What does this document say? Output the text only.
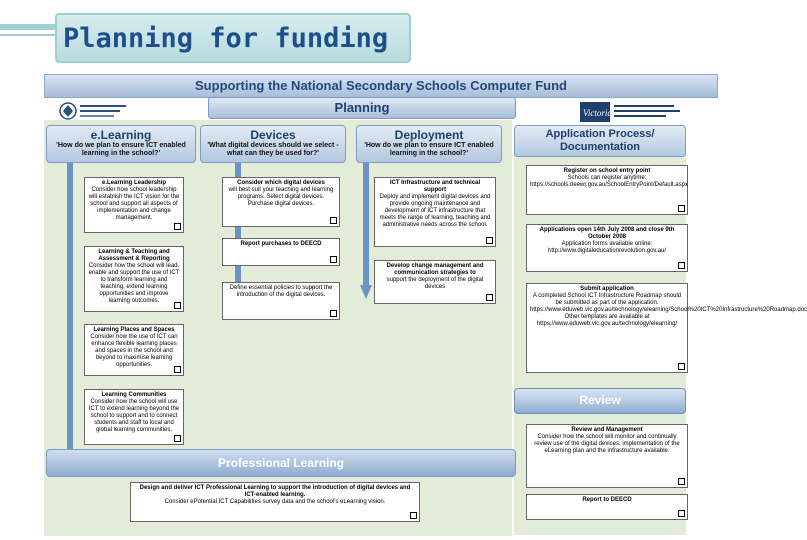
Planning for funding
Supporting the National Secondary Schools Computer Fund
Victoria
Planning
e.Learning
'How do we plan to ensure ICT enabled learning in the school?'
Devices
'What digital devices should we select - what can they be used for?'
Deployment
'How do we plan to ensure ICT enabled learning in the school?'
Application Process/ Documentation
e.Learning Leadership
Consider how school leadership will establish the ICT vision for the school and support all aspects of implementation and change management.
Learning & Teaching and Assessment & Reporting
Consider how the school will lead, enable and support the use of ICT to transform learning and teaching, extend learning opportunities and improve learning outcomes.
Learning Places and Spaces
Consider how the use of ICT can enhance flexible learning places and spaces in the school and beyond to maximise learning opportunities.
Learning Communities
Consider how the school will use ICT to extend learning beyond the school to support and to connect students and staff to local and global learning communities.
Consider which digital devices
will best suit your teaching and learning programs. Select digital devices. Purchase digital devices.
Report purchases to DEECD
Define essential policies to support the introduction of the digital devices.
ICT Infrastructure and technical support
Deploy and implement digital devices and provide ongoing maintenance and development of ICT infrastructure that meets the range of learning, teaching and administrative needs across the school.
Develop change management and communication strategies to
support the deployment of the digital devices
Register on school entry point
Schools can register anytime: https://schools.deewr.gov.au/SchoolEntryPoint/Default.aspx
Applications open 14th July 2008 and close 9th October 2008
Application forms available online: http://www.digitaleducationrevolution.gov.au/
Submit application
A completed School ICT Infrastructure Roadmap should be submitted as part of the application. https://www.eduweb.vic.gov.au/technology/elearning/School%20ICT%20Infrastructure%20Roadmap.doc Other templates are available at https://www.eduweb.vic.gov.au/technology/elearning/
Review
Review and Management
Consider how the school will monitor and continually review use of the digital devices, implementation of the eLearning plan and the infrastructure available.
Report to DEECD
Professional Learning
Design and deliver ICT Professional Learning to support the introduction of digital devices and ICT-enabled learning.
Consider ePotential ICT Capabilities survey data and the school's eLearning vision.
